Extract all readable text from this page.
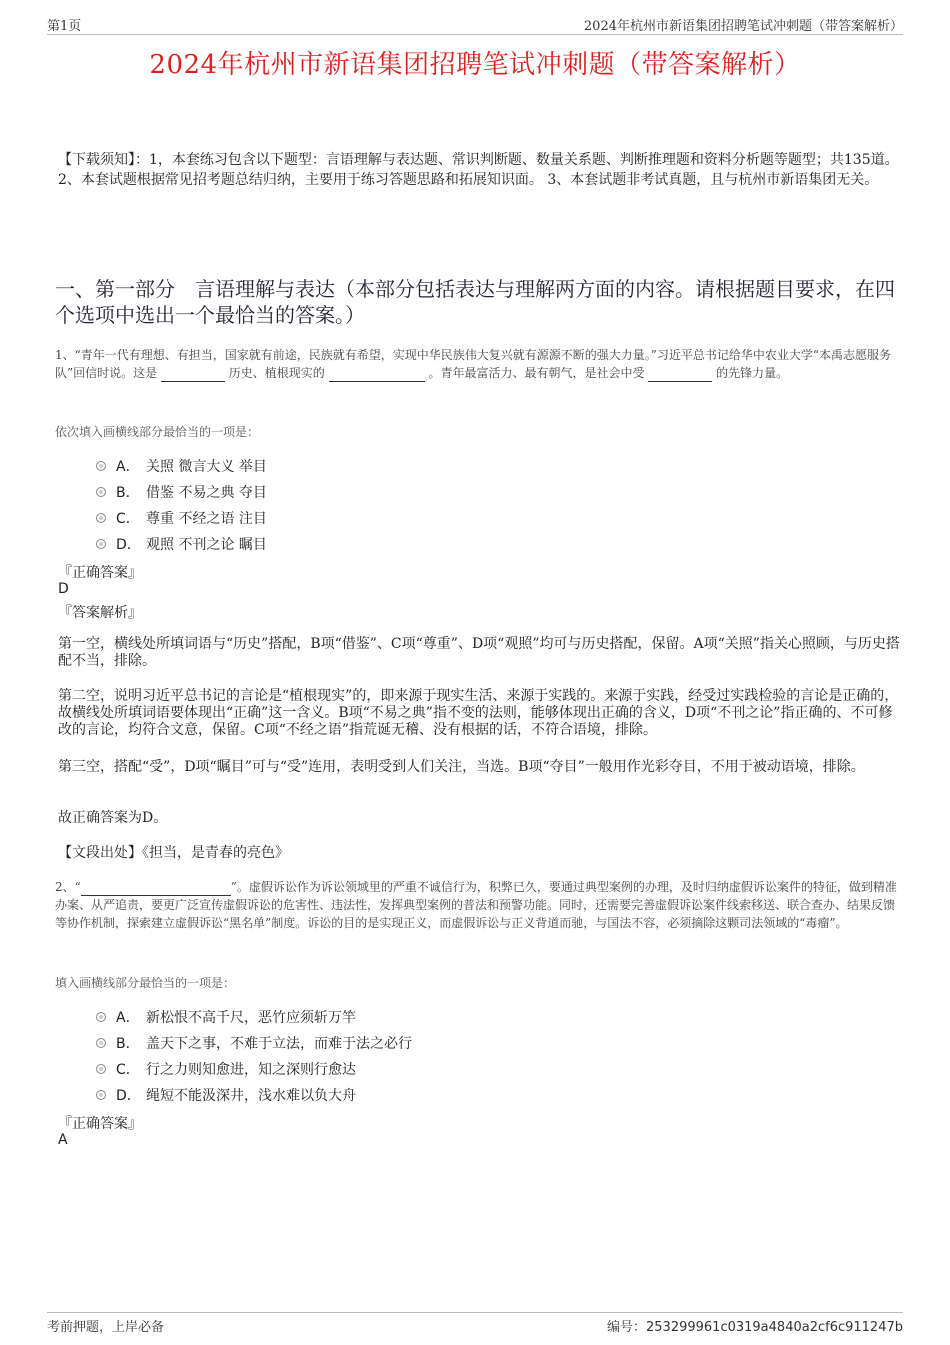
第1页	2024年杭州市新语集团招聘笔试冲刺题（带答案解析）
2024年杭州市新语集团招聘笔试冲刺题（带答案解析）
【下载须知】：1，本套练习包含以下题型：言语理解与表达题、常识判断题、数量关系题、判断推理题和资料分析题等题型；共135道。 2、本套试题根据常见招考题总结归纳，主要用于练习答题思路和拓展知识面。 3、本套试题非考试真题，且与杭州市新语集团无关。
一、第一部分　言语理解与表达（本部分包括表达与理解两方面的内容。请根据题目要求，在四个选项中选出一个最恰当的答案。）
1、“青年一代有理想、有担当，国家就有前途，民族就有希望，实现中华民族伟大复兴就有源源不断的强大力量。”习近平总书记给华中农业大学“本禹志愿服务队”回信时说。这是	历史、植根现实的	。青年最富活力、最有朝气，是社会中受	的先锋力量。
依次填入画横线部分最恰当的一项是：
A． 关照 微言大义 举目
B． 借鉴 不易之典 夺目
C． 尊重 不经之语 注目
D． 观照 不刊之论 瞩目
『正确答案』
D
『答案解析』
第一空，横线处所填词语与“历史”搭配，B项“借鉴”、C项“尊重”、D项“观照”均可与历史搭配，保留。A项“关照”指关心照顾，与历史搭配不当，排除。
第二空，说明习近平总书记的言论是“植根现实”的，即来源于现实生活、来源于实践的。来源于实践，经受过实践检验的言论是正确的，故横线处所填词语要体现出“正确”这一含义。B项“不易之典”指不变的法则，能够体现出正确的含义，D项“不刊之论”指正确的、不可修改的言论，均符合文意，保留。C项“不经之语”指荒诞无稽、没有根据的话，不符合语境，排除。
第三空，搭配“受”，D项“瞩目”可与“受”连用，表明受到人们关注，当选。B项“夺目”一般用作光彩夺目，不用于被动语境，排除。
故正确答案为D。
【文段出处】《担当，是青春的亮色》
2、“	”。虚假诉讼作为诉讼领域里的严重不诚信行为，积弊已久，要通过典型案例的办理，及时归纳虚假诉讼案件的特征，做到精准办案、从严追责，要更广泛宣传虚假诉讼的危害性、违法性，发挥典型案例的普法和预警功能。同时，还需要完善虚假诉讼案件线索移送、联合查办、结果反馈等协作机制，探索建立虚假诉讼“黑名单”制度。诉讼的目的是实现正义，而虚假诉讼与正义背道而驰，与国法不容，必须摘除这颗司法领域的“毒瘤”。
填入画横线部分最恰当的一项是：
A． 新松恨不高千尺，恶竹应须斩万竿
B． 盖天下之事，不难于立法，而难于法之必行
C． 行之力则知愈进，知之深则行愈达
D． 绳短不能汲深井，浅水难以负大舟
『正确答案』
A
考前押题，上岸必备	编号：253299961c0319a4840a2cf6c911247b
